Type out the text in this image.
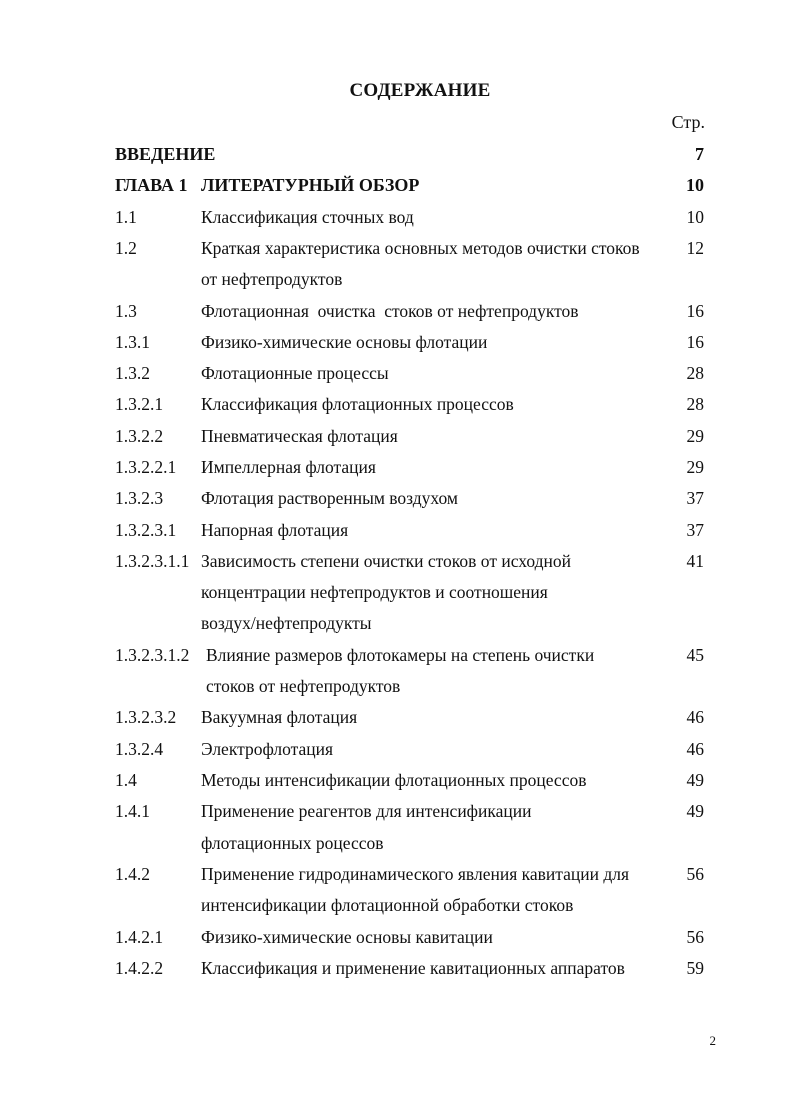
СОДЕРЖАНИЕ
Стр.
ВВЕДЕНИЕ	7
ГЛАВА 1 ЛИТЕРАТУРНЫЙ ОБЗОР	10
1.1	Классификация сточных вод	10
1.2	Краткая характеристика основных методов очистки стоков
от нефтепродуктов
12
1.3	Флотационная  очистка  стоков от нефтепродуктов	16
1.3.1	Физико-химические основы флотации	16
1.3.2	Флотационные процессы	28
1.3.2.1 Классификация флотационных процессов	28
1.3.2.2 Пневматическая флотация	29
1.3.2.2.1 Импеллерная флотация	29
1.3.2.3 Флотация растворенным воздухом	37
1.3.2.3.1 Напорная флотация	37
1.3.2.3.1.1 Зависимость степени очистки стоков от исходной
концентрации нефтепродуктов и соотношения
воздух/нефтепродукты
41
1.3.2.3.1.2 Влияние размеров флотокамеры на степень очистки
стоков от нефтепродуктов
45
1.3.2.3.2 Вакуумная флотация	46
1.3.2.4 Электрофлотация	46
1.4	Методы интенсификации флотационных процессов	49
1.4.1	Применение реагентов для интенсификации
флотационных роцессов
49
1.4.2	Применение гидродинамического явления кавитации для
интенсификации флотационной обработки стоков
56
1.4.2.1 Физико-химические основы кавитации	56
1.4.2.2 Классификация и применение кавитационных аппаратов	59
2
